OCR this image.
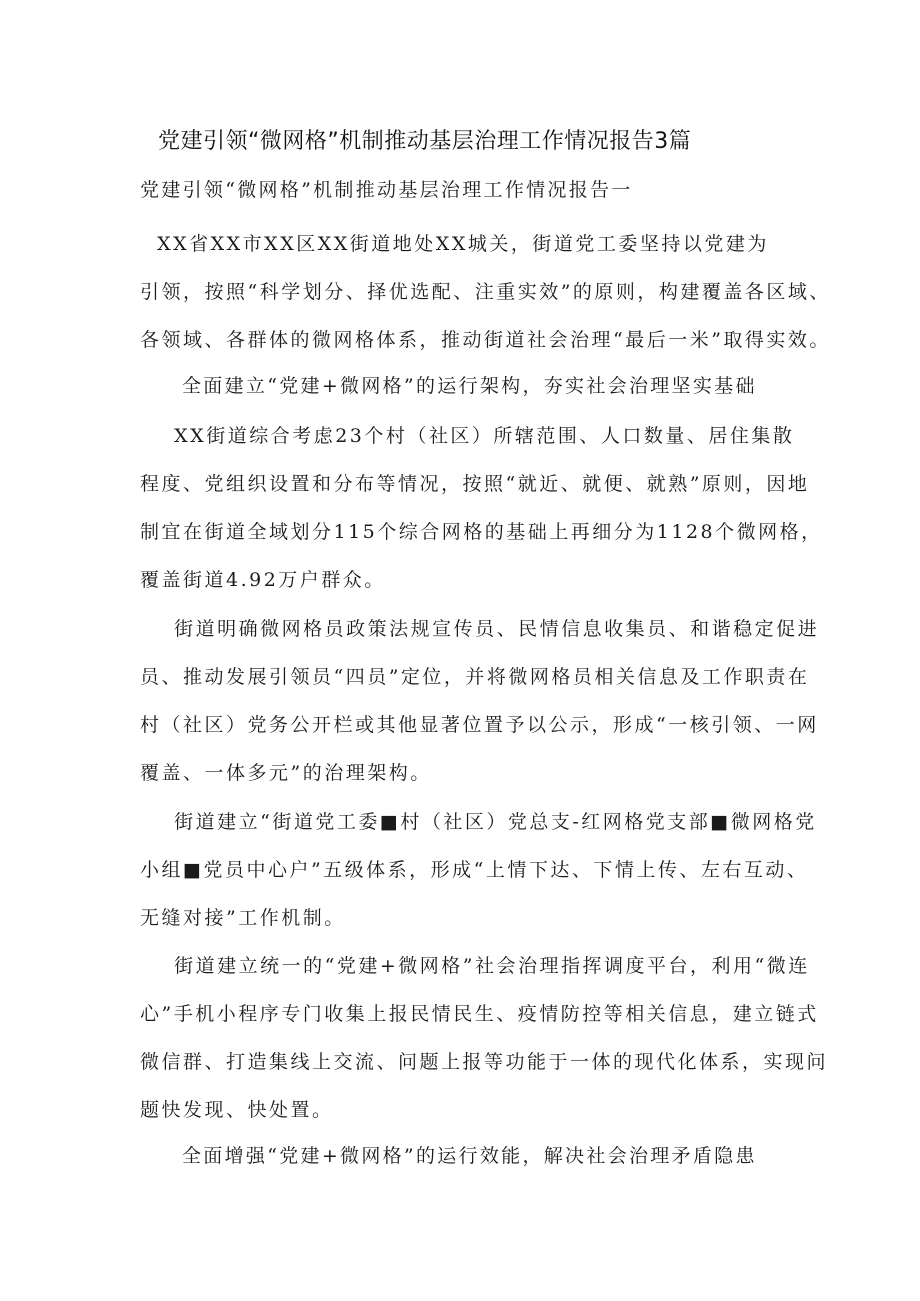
党建引领“微网格”机制推动基层治理工作情况报告3篇
党建引领“微网格”机制推动基层治理工作情况报告一
XX省XX市XX区XX街道地处XX城关，街道党工委坚持以党建为
引领，按照“科学划分、择优选配、注重实效”的原则，构建覆盖各区域、
各领域、各群体的微网格体系，推动街道社会治理“最后一米”取得实效。
全面建立“党建+微网格”的运行架构，夯实社会治理坚实基础
XX街道综合考虑23个村（社区）所辖范围、人口数量、居住集散
程度、党组织设置和分布等情况，按照“就近、就便、就熟”原则，因地
制宜在街道全域划分115个综合网格的基础上再细分为1128个微网格，
覆盖街道4.92万户群众。
街道明确微网格员政策法规宣传员、民情信息收集员、和谐稳定促进
员、推动发展引领员“四员”定位，并将微网格员相关信息及工作职责在
村（社区）党务公开栏或其他显著位置予以公示，形成“一核引领、一网
覆盖、一体多元”的治理架构。
街道建立“街道党工委■村（社区）党总支-红网格党支部■微网格党
小组■党员中心户”五级体系，形成“上情下达、下情上传、左右互动、
无缝对接”工作机制。
街道建立统一的“党建+微网格”社会治理指挥调度平台，利用“微连
心”手机小程序专门收集上报民情民生、疫情防控等相关信息，建立链式
微信群、打造集线上交流、问题上报等功能于一体的现代化体系，实现问
题快发现、快处置。
全面增强“党建+微网格”的运行效能，解决社会治理矛盾隐患
